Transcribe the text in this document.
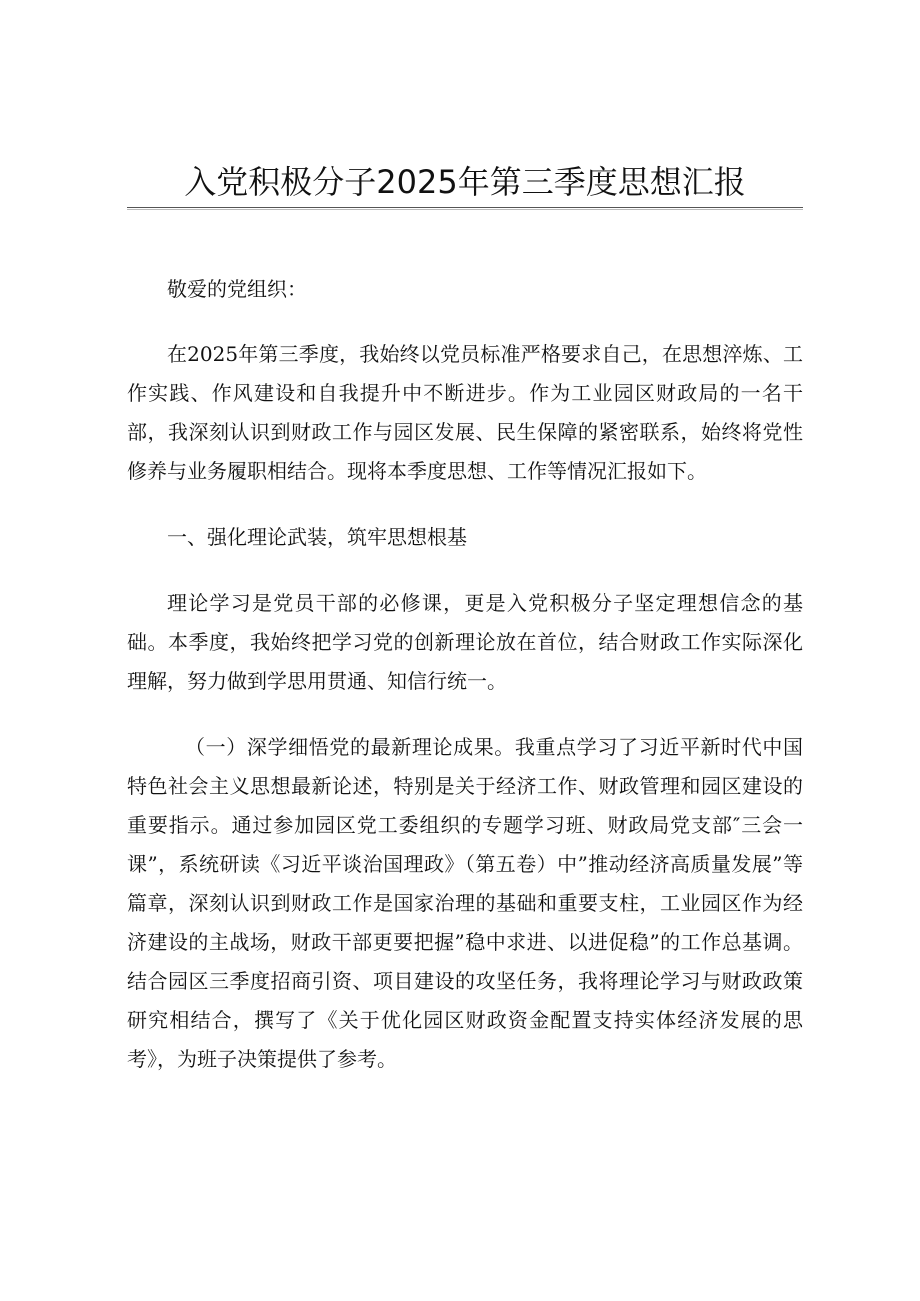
入党积极分子2025年第三季度思想汇报

敬爱的党组织：

在2025年第三季度，我始终以党员标准严格要求自己，在思想淬炼、工作实践、作风建设和自我提升中不断进步。作为工业园区财政局的一名干部，我深刻认识到财政工作与园区发展、民生保障的紧密联系，始终将党性修养与业务履职相结合。现将本季度思想、工作等情况汇报如下。

一、强化理论武装，筑牢思想根基

理论学习是党员干部的必修课，更是入党积极分子坚定理想信念的基础。本季度，我始终把学习党的创新理论放在首位，结合财政工作实际深化理解，努力做到学思用贯通、知信行统一。

（一）深学细悟党的最新理论成果。我重点学习了习近平新时代中国特色社会主义思想最新论述，特别是关于经济工作、财政管理和园区建设的重要指示。通过参加园区党工委组织的专题学习班、财政局党支部″三会一课”，系统研读《习近平谈治国理政》（第五卷）中”推动经济高质量发展”等篇章，深刻认识到财政工作是国家治理的基础和重要支柱，工业园区作为经济建设的主战场，财政干部更要把握”稳中求进、以进促稳”的工作总基调。结合园区三季度招商引资、项目建设的攻坚任务，我将理论学习与财政政策研究相结合，撰写了《关于优化园区财政资金配置支持实体经济发展的思考》，为班子决策提供了参考。
